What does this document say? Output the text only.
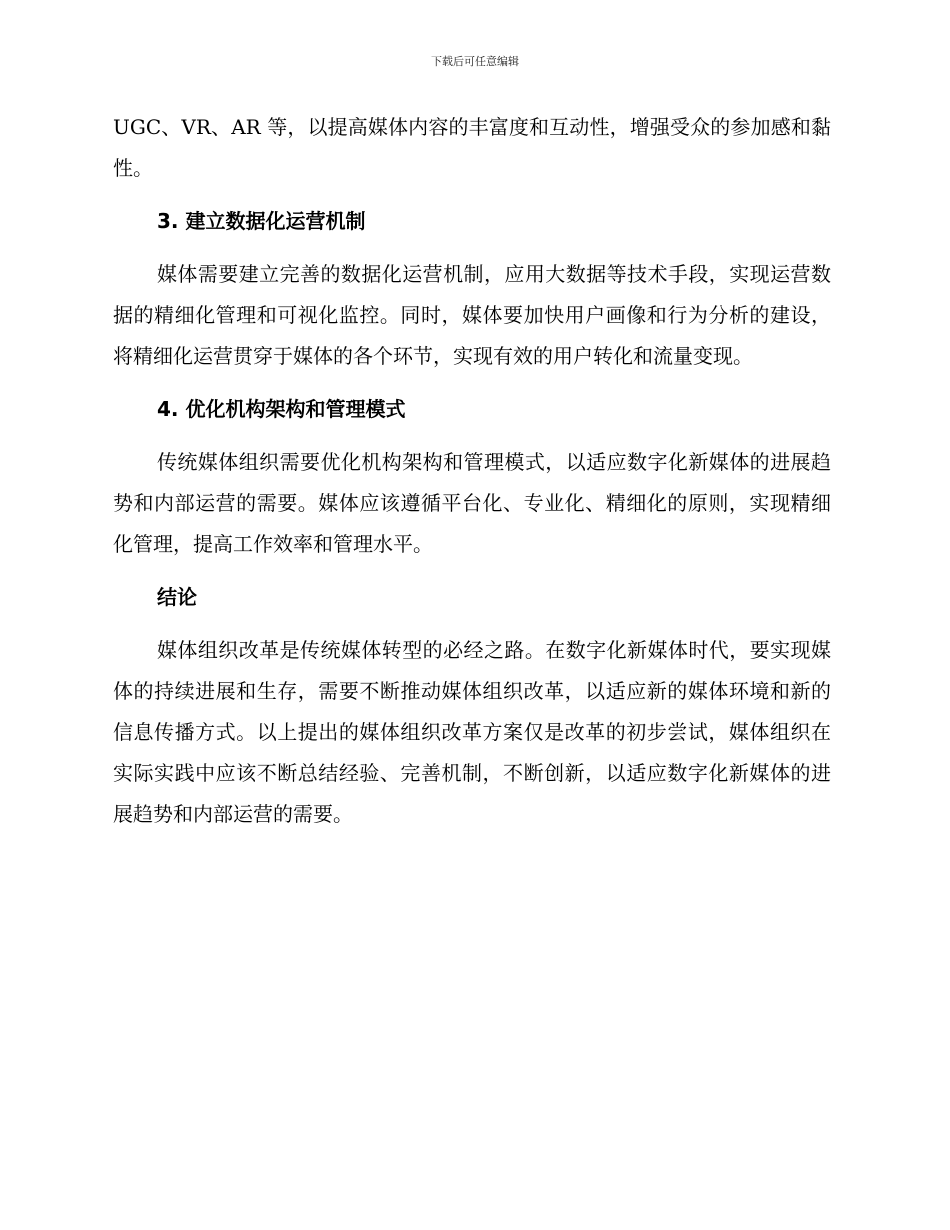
下载后可任意编辑

UGC、VR、AR 等，以提高媒体内容的丰富度和互动性，增强受众的参加感和黏性。

3. 建立数据化运营机制

媒体需要建立完善的数据化运营机制，应用大数据等技术手段，实现运营数据的精细化管理和可视化监控。同时，媒体要加快用户画像和行为分析的建设，将精细化运营贯穿于媒体的各个环节，实现有效的用户转化和流量变现。

4. 优化机构架构和管理模式

传统媒体组织需要优化机构架构和管理模式，以适应数字化新媒体的进展趋势和内部运营的需要。媒体应该遵循平台化、专业化、精细化的原则，实现精细化管理，提高工作效率和管理水平。

结论

媒体组织改革是传统媒体转型的必经之路。在数字化新媒体时代，要实现媒体的持续进展和生存，需要不断推动媒体组织改革，以适应新的媒体环境和新的信息传播方式。以上提出的媒体组织改革方案仅是改革的初步尝试，媒体组织在实际实践中应该不断总结经验、完善机制，不断创新，以适应数字化新媒体的进展趋势和内部运营的需要。
